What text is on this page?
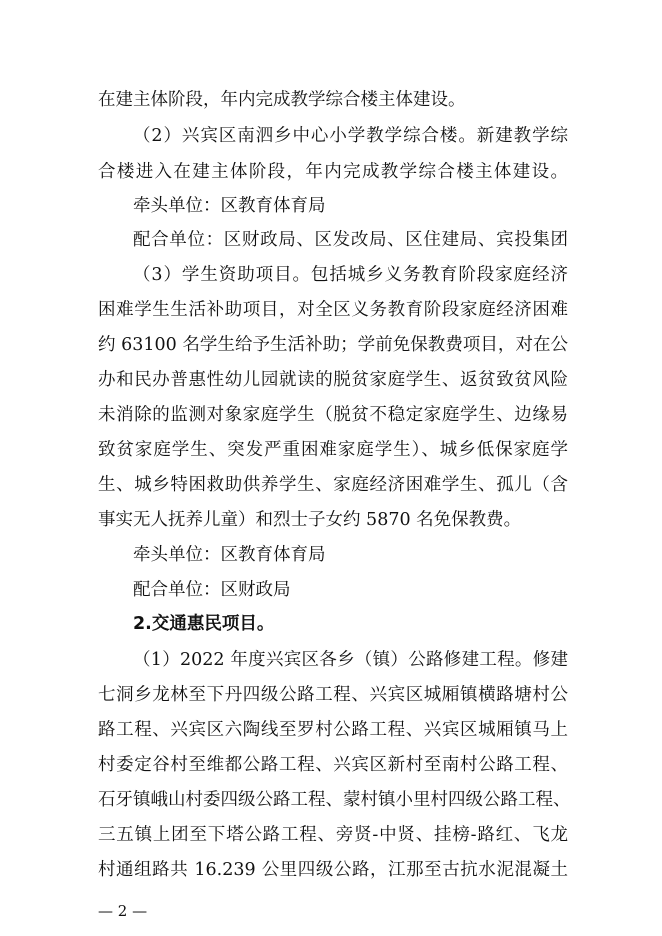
在建主体阶段，年内完成教学综合楼主体建设。
（2）兴宾区南泗乡中心小学教学综合楼。新建教学综
合楼进入在建主体阶段，年内完成教学综合楼主体建设。
牵头单位：区教育体育局
配合单位：区财政局、区发改局、区住建局、宾投集团
（3）学生资助项目。包括城乡义务教育阶段家庭经济
困难学生生活补助项目，对全区义务教育阶段家庭经济困难
约 63100 名学生给予生活补助；学前免保教费项目，对在公
办和民办普惠性幼儿园就读的脱贫家庭学生、返贫致贫风险
未消除的监测对象家庭学生（脱贫不稳定家庭学生、边缘易
致贫家庭学生、突发严重困难家庭学生）、城乡低保家庭学
生、城乡特困救助供养学生、家庭经济困难学生、孤儿（含
事实无人抚养儿童）和烈士子女约 5870 名免保教费。
牵头单位：区教育体育局
配合单位：区财政局
2.交通惠民项目。
（1）2022 年度兴宾区各乡（镇）公路修建工程。修建
七洞乡龙林至下丹四级公路工程、兴宾区城厢镇横路塘村公
路工程、兴宾区六陶线至罗村公路工程、兴宾区城厢镇马上
村委定谷村至维都公路工程、兴宾区新村至南村公路工程、
石牙镇峨山村委四级公路工程、蒙村镇小里村四级公路工程、
三五镇上团至下塔公路工程、旁贤-中贤、挂榜-路红、飞龙
村通组路共 16.239 公里四级公路，江那至古抗水泥混凝土
— 2 —
